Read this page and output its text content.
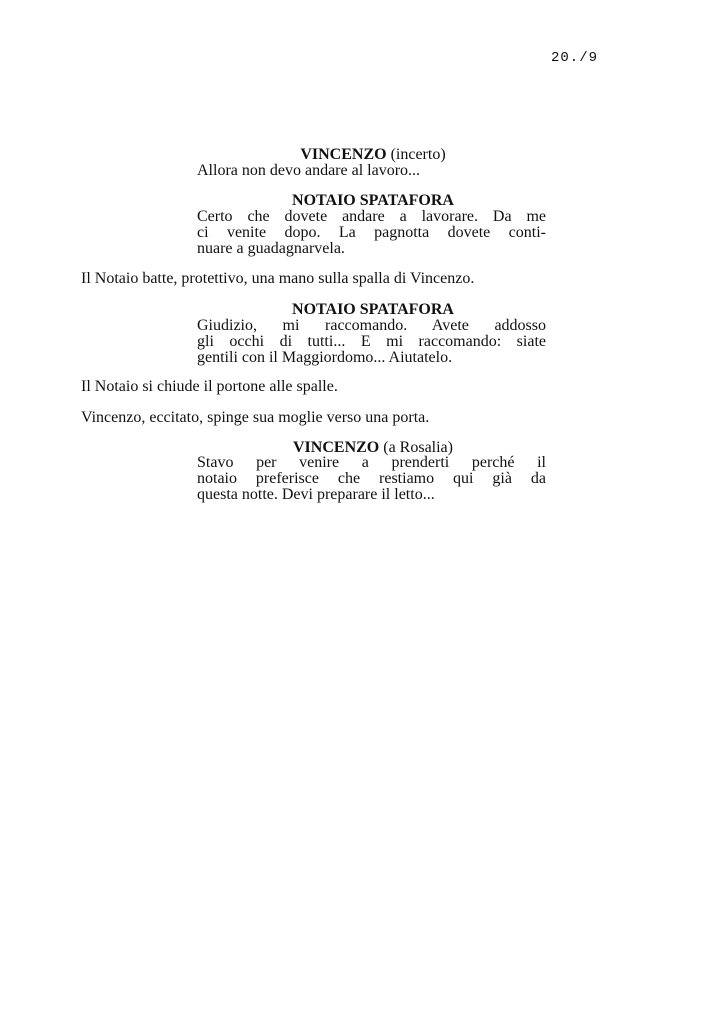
20./9
VINCENZO (incerto)
Allora non devo andare al lavoro...
NOTAIO SPATAFORA
Certo che dovete andare a lavorare. Da me
ci venite dopo. La pagnotta dovete conti-
nuare a guadagnarvela.
Il Notaio batte, protettivo, una mano sulla spalla di Vincenzo.
NOTAIO SPATAFORA
Giudizio, mi raccomando. Avete addosso
gli occhi di tutti... E mi raccomando: siate
gentili con il Maggiordomo... Aiutatelo.
Il Notaio si chiude il portone alle spalle.
Vincenzo, eccitato, spinge sua moglie verso una porta.
VINCENZO (a Rosalia)
Stavo per venire a prenderti perché il
notaio preferisce che restiamo qui già da
questa notte. Devi preparare il letto...
